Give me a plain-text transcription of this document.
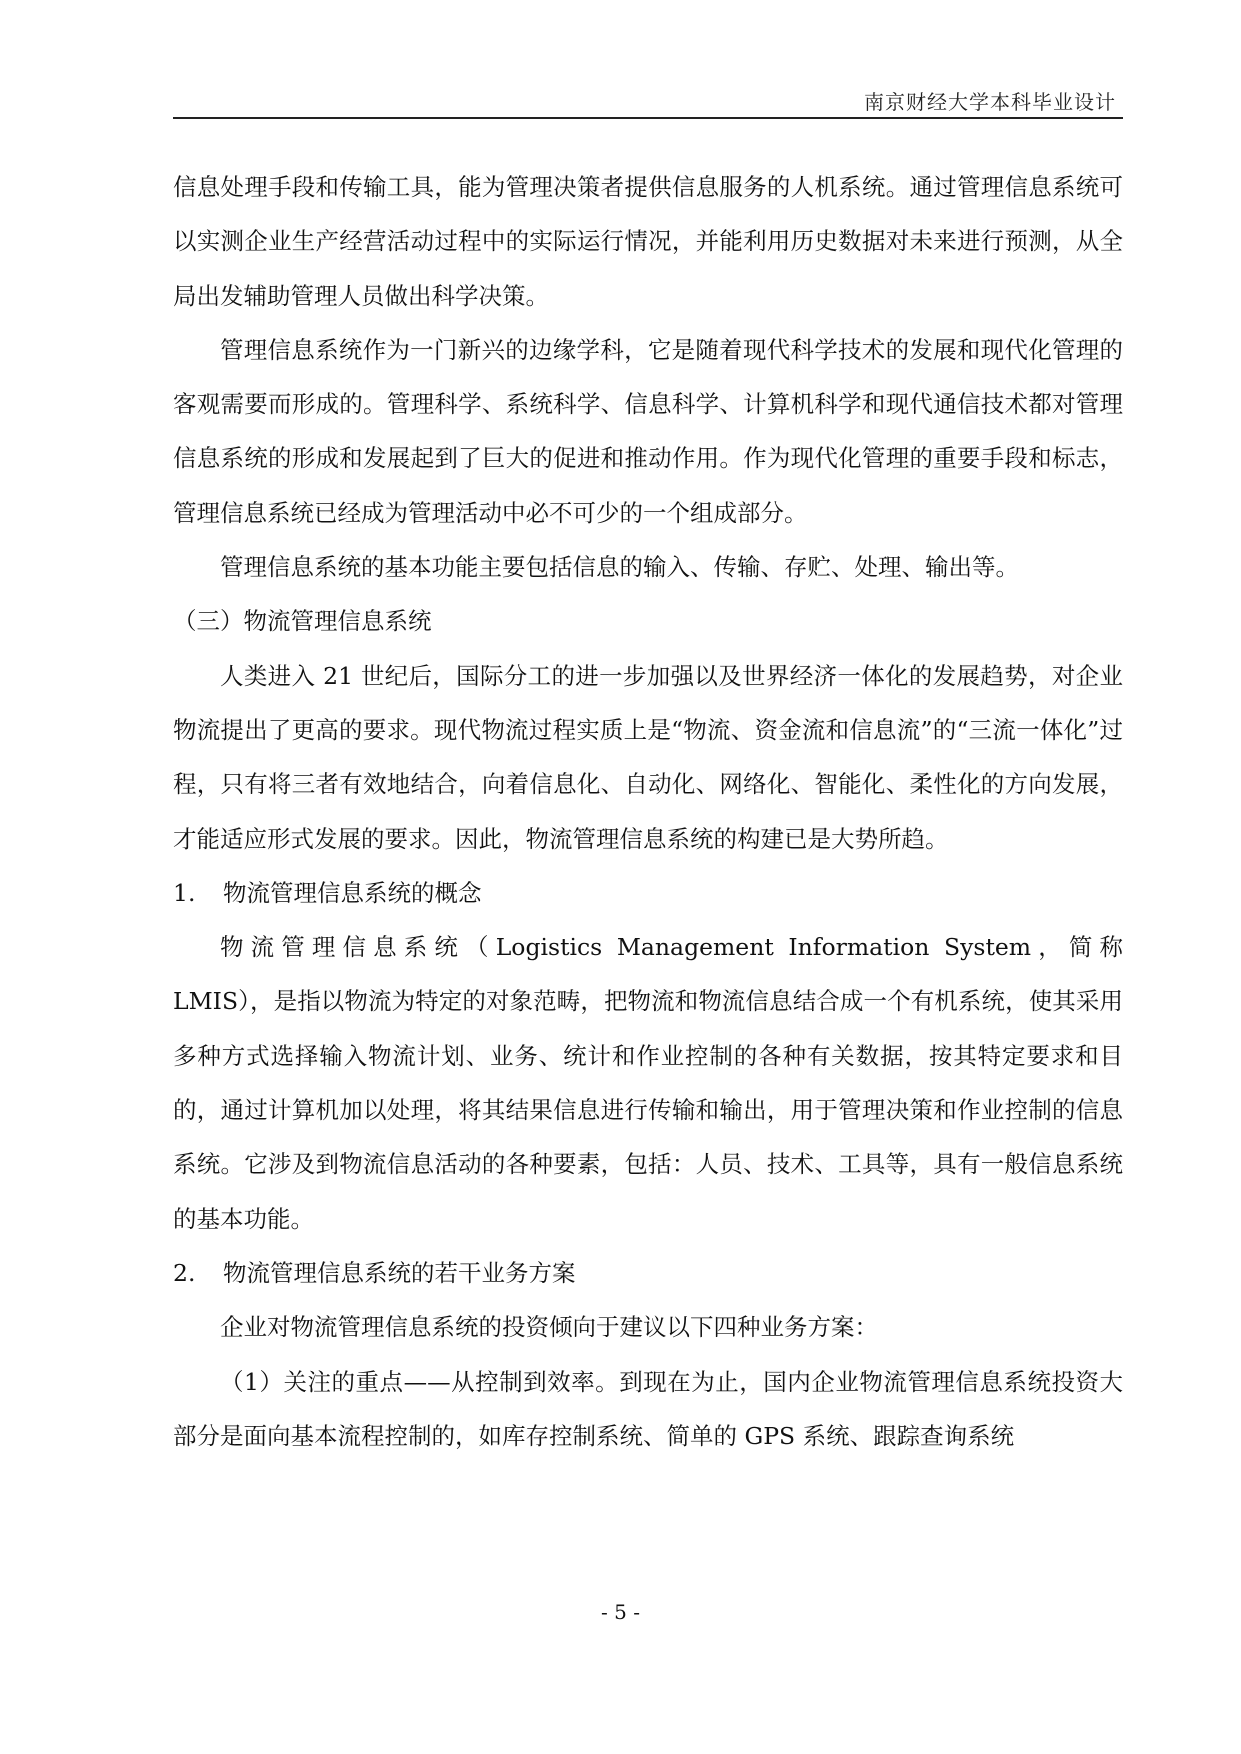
南京财经大学本科毕业设计

信息处理手段和传输工具，能为管理决策者提供信息服务的人机系统。通过管理信息系统可以实测企业生产经营活动过程中的实际运行情况，并能利用历史数据对未来进行预测，从全局出发辅助管理人员做出科学决策。

管理信息系统作为一门新兴的边缘学科，它是随着现代科学技术的发展和现代化管理的客观需要而形成的。管理科学、系统科学、信息科学、计算机科学和现代通信技术都对管理信息系统的形成和发展起到了巨大的促进和推动作用。作为现代化管理的重要手段和标志，管理信息系统已经成为管理活动中必不可少的一个组成部分。

管理信息系统的基本功能主要包括信息的输入、传输、存贮、处理、输出等。

（三）物流管理信息系统

人类进入 21 世纪后，国际分工的进一步加强以及世界经济一体化的发展趋势，对企业物流提出了更高的要求。现代物流过程实质上是“物流、资金流和信息流”的“三流一体化”过程，只有将三者有效地结合，向着信息化、自动化、网络化、智能化、柔性化的方向发展，才能适应形式发展的要求。因此，物流管理信息系统的构建已是大势所趋。

1.	物流管理信息系统的概念

物流管理信息系统（Logistics Management Information System，简称 LMIS），是指以物流为特定的对象范畴，把物流和物流信息结合成一个有机系统，使其采用多种方式选择输入物流计划、业务、统计和作业控制的各种有关数据，按其特定要求和目的，通过计算机加以处理，将其结果信息进行传输和输出，用于管理决策和作业控制的信息系统。它涉及到物流信息活动的各种要素，包括：人员、技术、工具等，具有一般信息系统的基本功能。

2.	物流管理信息系统的若干业务方案

企业对物流管理信息系统的投资倾向于建议以下四种业务方案：

（1）关注的重点——从控制到效率。到现在为止，国内企业物流管理信息系统投资大部分是面向基本流程控制的，如库存控制系统、简单的 GPS 系统、跟踪查询系统

- 5 -
